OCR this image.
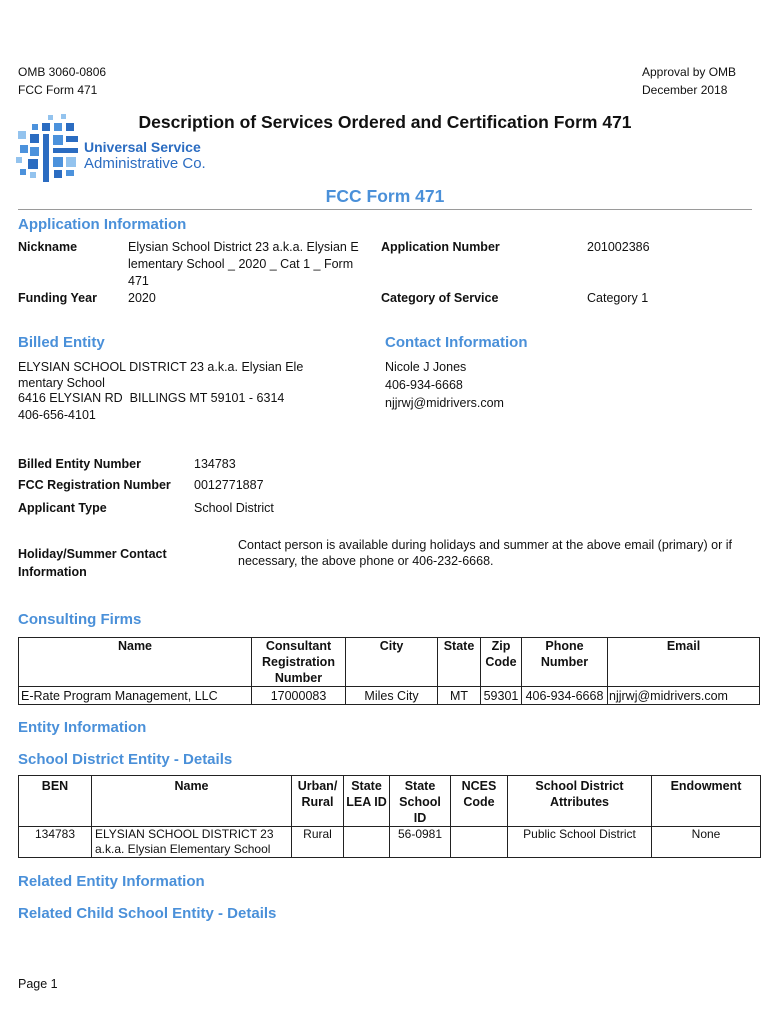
OMB 3060-0806
FCC Form 471
Approval by OMB
December 2018
Universal Service
Administrative Co.
Description of Services Ordered and Certification Form 471
FCC Form 471
Application Information
Nickname	Elysian School District 23 a.k.a. Elysian E
lementary School _ 2020 _ Cat 1 _ Form
471
Application Number	201002386
Funding Year 2020	Category of Service	Category 1
Billed Entity	Contact Information
ELYSIAN SCHOOL DISTRICT 23 a.k.a. Elysian Ele
mentary School
6416 ELYSIAN RD  BILLINGS MT 59101 - 6314
406-656-4101
Nicole J Jones
406-934-6668
njjrwj@midrivers.com
Billed Entity Number	134783
FCC Registration Number 0012771887
Applicant Type	School District
Holiday/Summer Contact
Information
Contact person is available during holidays and summer at the above email (primary) or if
necessary, the above phone or 406-232-6668.
Consulting Firms
Name	Consultant
Registration
Number	City	State	Zip
Code	Phone
Number	Email
E-Rate Program Management, LLC	17000083	Miles City	MT	59301	406-934-6668	njjrwj@midrivers.com
Entity Information
School District Entity - Details
BEN	Name	Urban/
Rural	State
LEA ID	State
School
ID	NCES
Code	School District
Attributes	Endowment
134783	ELYSIAN SCHOOL DISTRICT 23
a.k.a. Elysian Elementary School	Rural		56-0981		Public School District	None
Related Entity Information
Related Child School Entity - Details
Page 1
